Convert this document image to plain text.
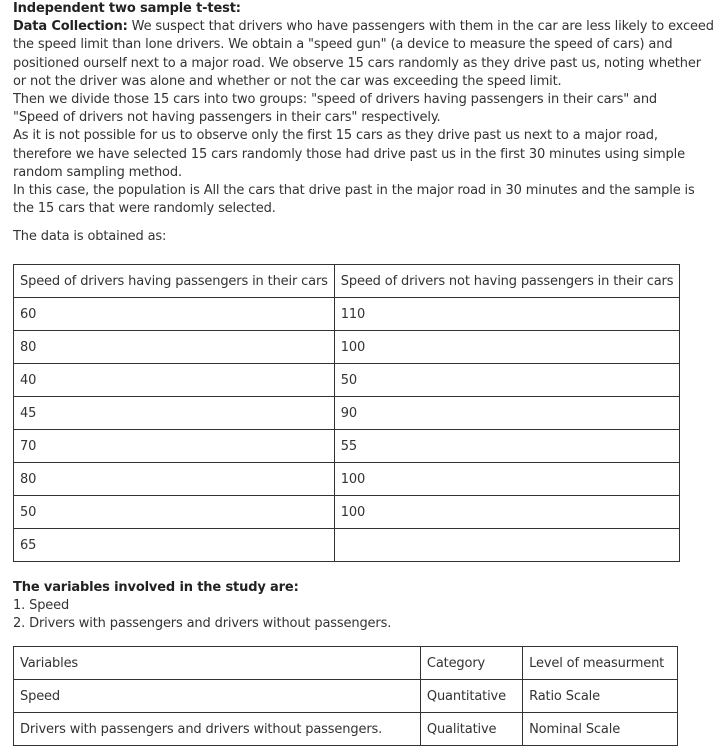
Independent two sample t-test:

Data Collection: We suspect that drivers who have passengers with them in the car are less likely to exceed
the speed limit than lone drivers. We obtain a "speed gun" (a device to measure the speed of cars) and
positioned ourself next to a major road. We observe 15 cars randomly as they drive past us, noting whether
or not the driver was alone and whether or not the car was exceeding the speed limit.
Then we divide those 15 cars into two groups: "speed of drivers having passengers in their cars" and
"Speed of drivers not having passengers in their cars" respectively.
As it is not possible for us to observe only the first 15 cars as they drive past us next to a major road,
therefore we have selected 15 cars randomly those had drive past us in the first 30 minutes using simple
random sampling method.
In this case, the population is All the cars that drive past in the major road in 30 minutes and the sample is
the 15 cars that were randomly selected.

The data is obtained as:

Speed of drivers having passengers in their cars	Speed of drivers not having passengers in their cars
60	110
80	100
40	50
45	90
70	55
80	100
50	100
65	

The variables involved in the study are:

1. Speed
2. Drivers with passengers and drivers without passengers.

Variables	Category	Level of measurment
Speed	Quantitative	Ratio Scale
Drivers with passengers and drivers without passengers.	Qualitative	Nominal Scale
